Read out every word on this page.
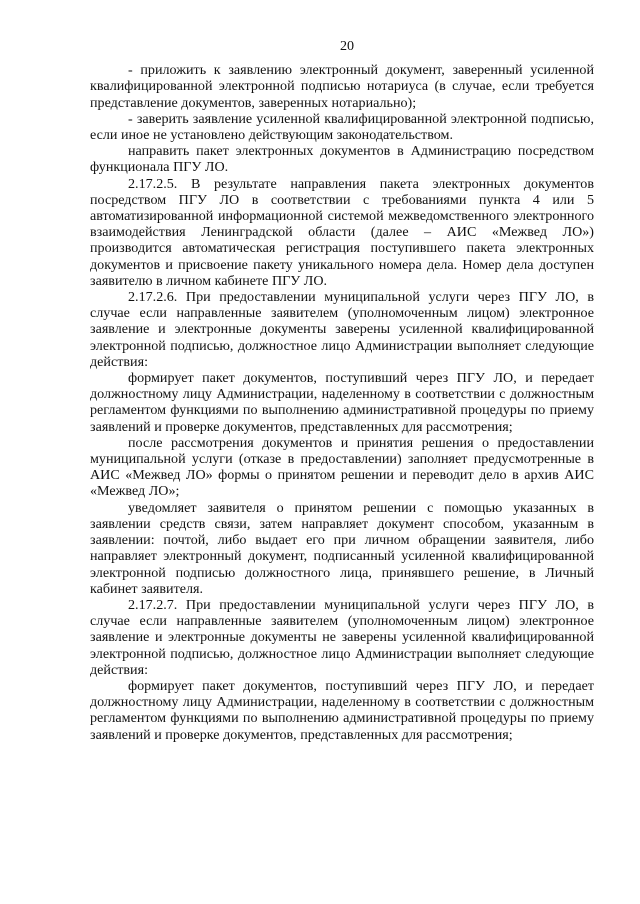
20

- приложить к заявлению электронный документ, заверенный усиленной квалифицированной электронной подписью нотариуса (в случае, если требуется представление документов, заверенных нотариально);

- заверить заявление усиленной квалифицированной электронной подписью, если иное не установлено действующим законодательством.

направить пакет электронных документов в Администрацию посредством функционала ПГУ ЛО.

2.17.2.5. В результате направления пакета электронных документов посредством ПГУ ЛО в соответствии с требованиями пункта 4 или 5 автоматизированной информационной системой межведомственного электронного взаимодействия Ленинградской области (далее – АИС «Межвед ЛО») производится автоматическая регистрация поступившего пакета электронных документов и присвоение пакету уникального номера дела. Номер дела доступен заявителю в личном кабинете ПГУ ЛО.

2.17.2.6. При предоставлении муниципальной услуги через ПГУ ЛО, в случае если направленные заявителем (уполномоченным лицом) электронное заявление и электронные документы заверены усиленной квалифицированной электронной подписью, должностное лицо Администрации выполняет следующие действия:

формирует пакет документов, поступивший через ПГУ ЛО, и передает должностному лицу Администрации, наделенному в соответствии с должностным регламентом функциями по выполнению административной процедуры по приему заявлений и проверке документов, представленных для рассмотрения;

после рассмотрения документов и принятия решения о предоставлении муниципальной услуги (отказе в предоставлении) заполняет предусмотренные в АИС «Межвед ЛО» формы о принятом решении и переводит дело в архив АИС «Межвед ЛО»;

уведомляет заявителя о принятом решении с помощью указанных в заявлении средств связи, затем направляет документ способом, указанным в заявлении: почтой, либо выдает его при личном обращении заявителя, либо направляет электронный документ, подписанный усиленной квалифицированной электронной подписью должностного лица, принявшего решение, в Личный кабинет заявителя.

2.17.2.7. При предоставлении муниципальной услуги через ПГУ ЛО, в случае если направленные заявителем (уполномоченным лицом) электронное заявление и электронные документы не заверены усиленной квалифицированной электронной подписью, должностное лицо Администрации выполняет следующие действия:

формирует пакет документов, поступивший через ПГУ ЛО, и передает должностному лицу Администрации, наделенному в соответствии с должностным регламентом функциями по выполнению административной процедуры по приему заявлений и проверке документов, представленных для рассмотрения;
